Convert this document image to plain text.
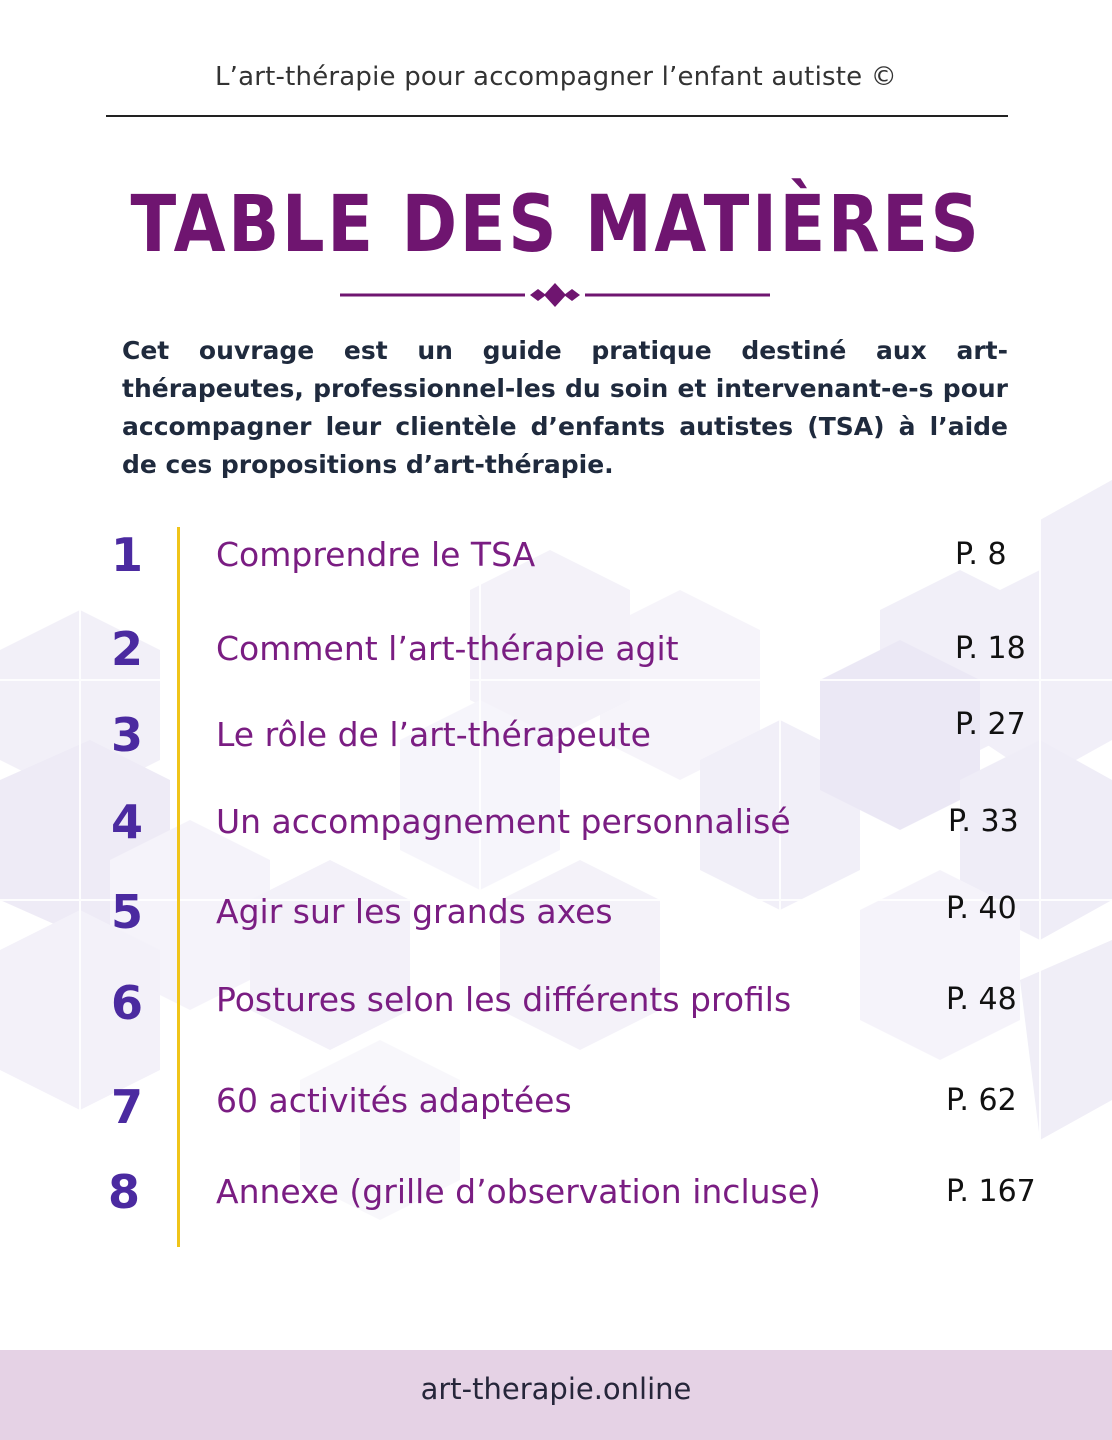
L’art-thérapie pour accompagner l’enfant autiste ©
TABLE DES MATIÈRES
Cet ouvrage est un guide pratique destiné aux art-thérapeutes, professionnel-les du soin et intervenant-e-s pour accompagner leur clientèle d’enfants autistes (TSA) à l’aide de ces propositions d’art-thérapie.
1 Comprendre le TSA	P. 8
2 Comment l’art-thérapie agit	P. 18
3 Le rôle de l’art-thérapeute	P. 27
4 Un accompagnement personnalisé	P. 33
5 Agir sur les grands axes	P. 40
6 Postures selon les différents profils	P. 48
7 60 activités adaptées	P. 62
8 Annexe (grille d’observation incluse)	P. 167
art-therapie.online
